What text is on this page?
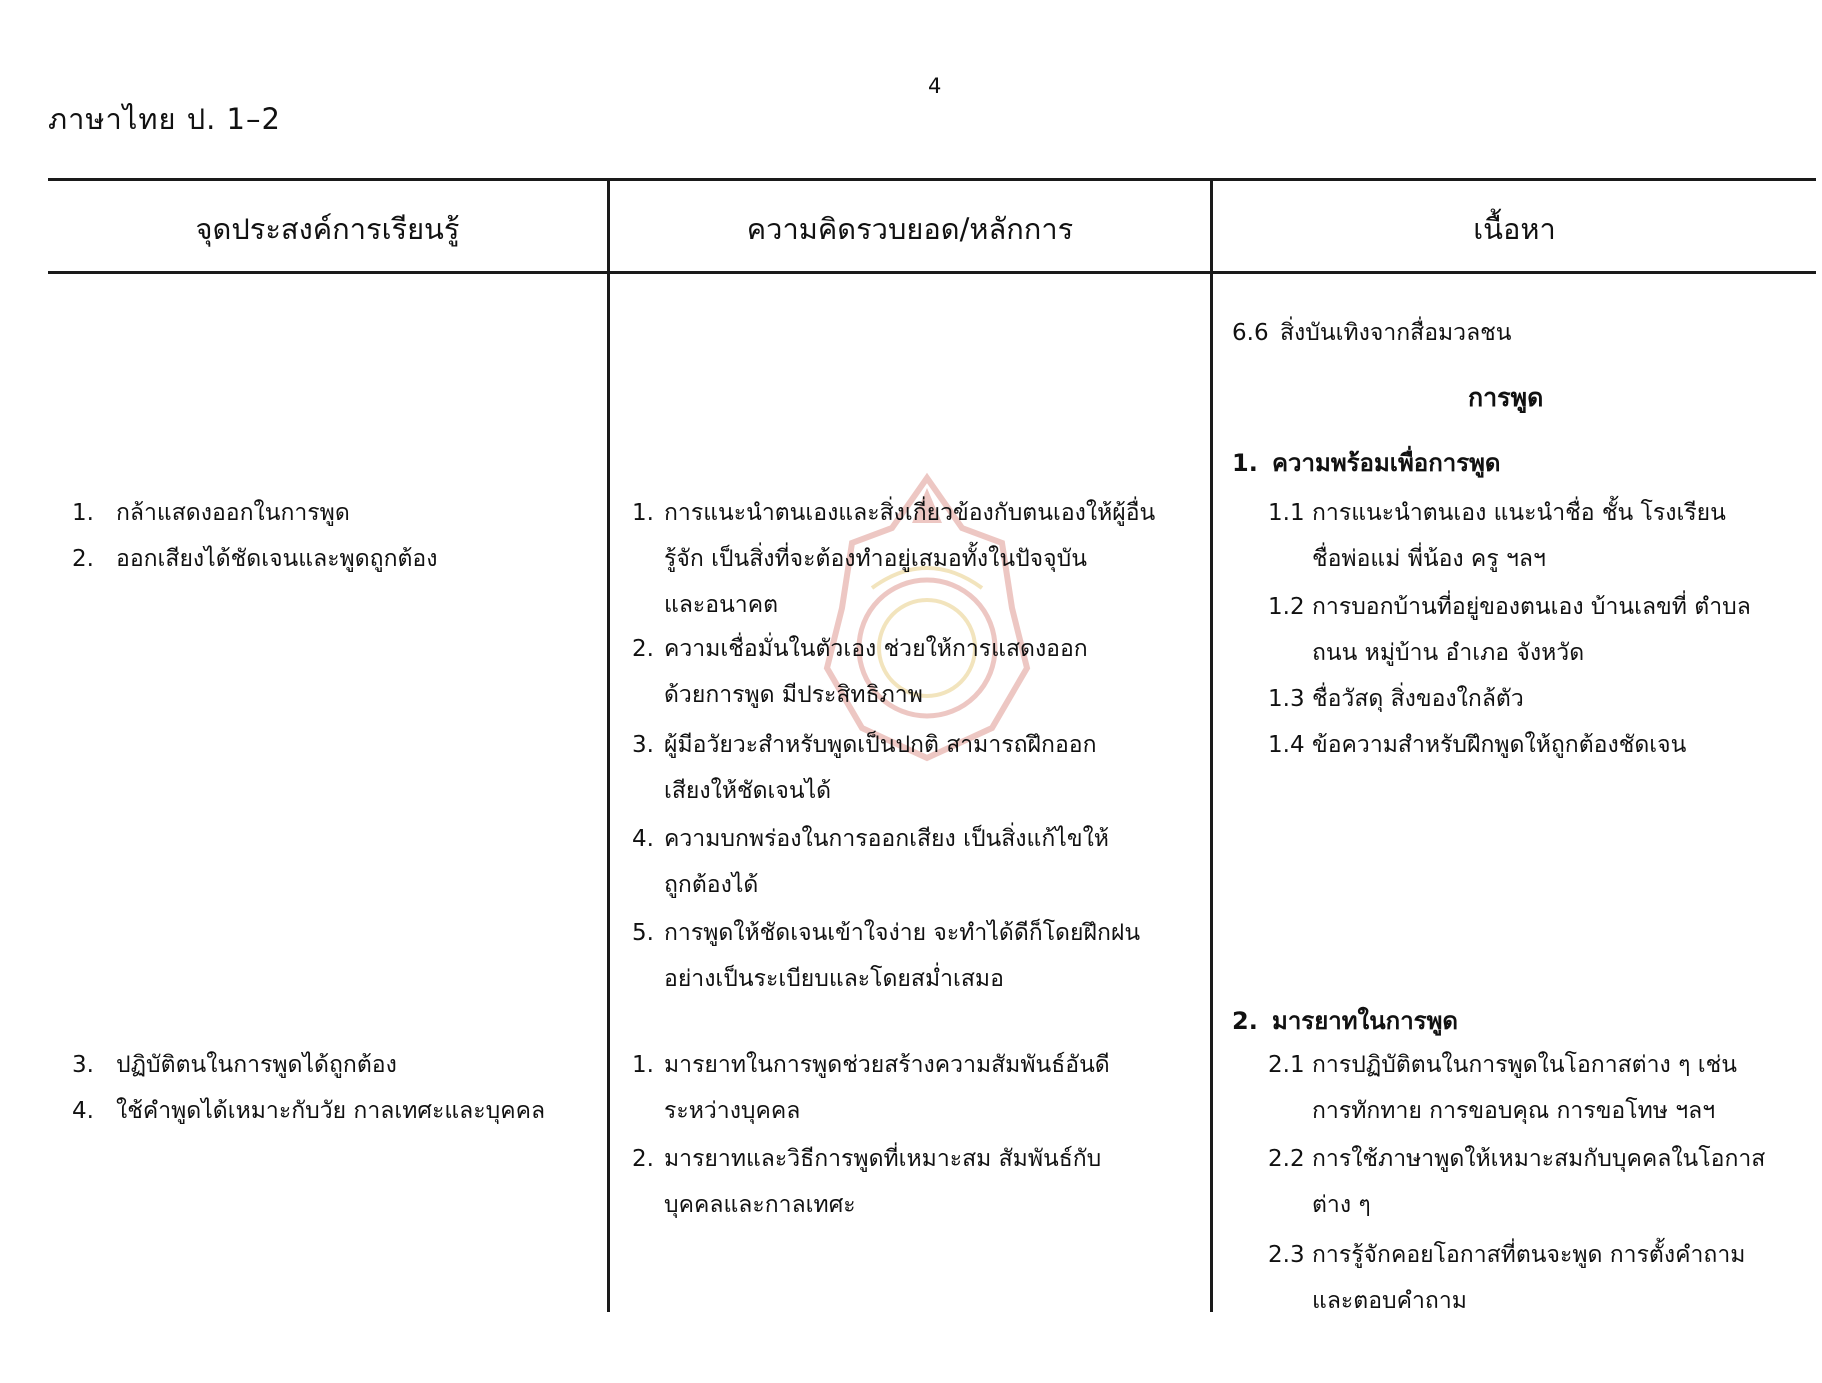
ภาษาไทย ป. 1–2
4
จุดประสงค์การเรียนรู้	ความคิดรวบยอด/หลักการ	เนื้อหา
1. กล้าแสดงออกในการพูด
2. ออกเสียงได้ชัดเจนและพูดถูกต้อง
3. ปฏิบัติตนในการพูดได้ถูกต้อง
4. ใช้คำพูดได้เหมาะกับวัย กาลเทศะและบุคคล
1. การแนะนำตนเองและสิ่งเกี่ยวข้องกับตนเองให้ผู้อื่น
รู้จัก เป็นสิ่งที่จะต้องทำอยู่เสมอทั้งในปัจจุบัน
และอนาคต
2. ความเชื่อมั่นในตัวเอง ช่วยให้การแสดงออก
ด้วยการพูด มีประสิทธิภาพ
3. ผู้มีอวัยวะสำหรับพูดเป็นปกติ สามารถฝึกออก
เสียงให้ชัดเจนได้
4. ความบกพร่องในการออกเสียง เป็นสิ่งแก้ไขให้
ถูกต้องได้
5. การพูดให้ชัดเจนเข้าใจง่าย จะทำได้ดีก็โดยฝึกฝน
อย่างเป็นระเบียบและโดยสม่ำเสมอ
1. มารยาทในการพูดช่วยสร้างความสัมพันธ์อันดี
ระหว่างบุคคล
2. มารยาทและวิธีการพูดที่เหมาะสม สัมพันธ์กับ
บุคคลและกาลเทศะ
6.6 สิ่งบันเทิงจากสื่อมวลชน
การพูด
1. ความพร้อมเพื่อการพูด
1.1 การแนะนำตนเอง แนะนำชื่อ ชั้น โรงเรียน
ชื่อพ่อแม่ พี่น้อง ครู ฯลฯ
1.2 การบอกบ้านที่อยู่ของตนเอง บ้านเลขที่ ตำบล
ถนน หมู่บ้าน อำเภอ จังหวัด
1.3 ชื่อวัสดุ สิ่งของใกล้ตัว
1.4 ข้อความสำหรับฝึกพูดให้ถูกต้องชัดเจน
2. มารยาทในการพูด
2.1 การปฏิบัติตนในการพูดในโอกาสต่าง ๆ เช่น
การทักทาย การขอบคุณ การขอโทษ ฯลฯ
2.2 การใช้ภาษาพูดให้เหมาะสมกับบุคคลในโอกาส
ต่าง ๆ
2.3 การรู้จักคอยโอกาสที่ตนจะพูด การตั้งคำถาม
และตอบคำถาม
